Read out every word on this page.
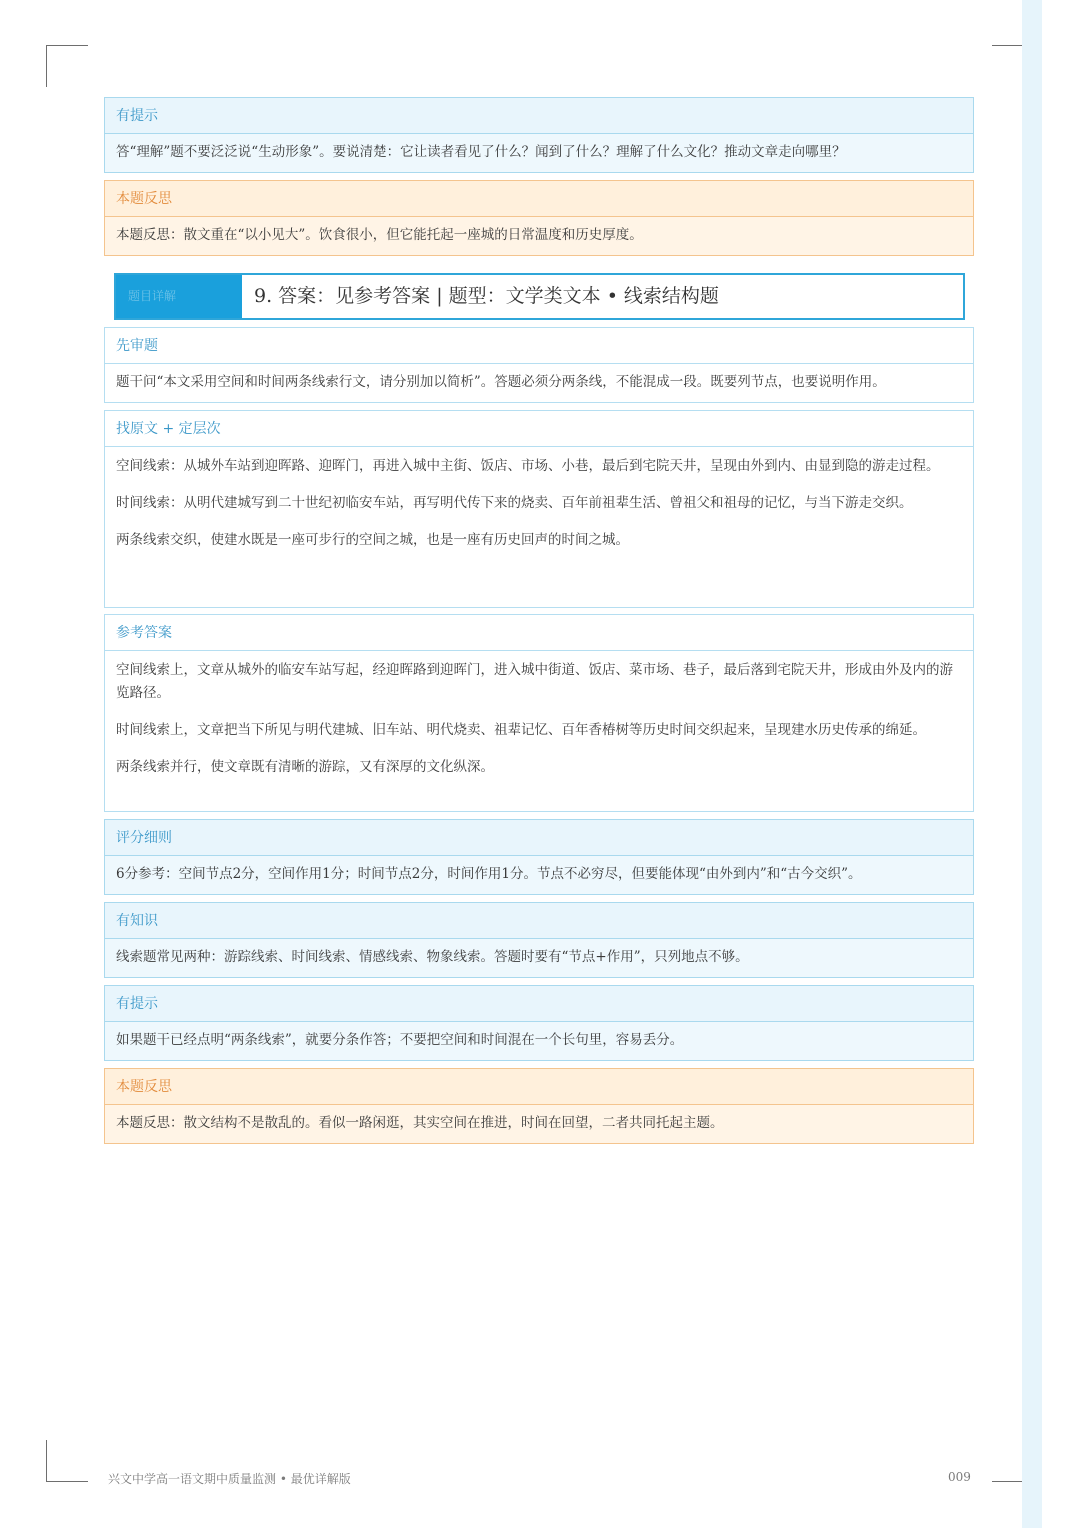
有提示
答“理解”题不要泛泛说“生动形象”。要说清楚：它让读者看见了什么？闻到了什么？理解了什么文化？推动文章走向哪里？
本题反思
本题反思：散文重在“以小见大”。饮食很小，但它能托起一座城的日常温度和历史厚度。
题目详解	9. 答案：见参考答案 | 题型：文学类文本 • 线索结构题
先审题

题干问“本文采用空间和时间两条线索行文，请分别加以简析”。答题必须分两条线，不能混成一段。既要列节点，也要说明作用。

找原文 + 定层次

空间线索：从城外车站到迎晖路、迎晖门，再进入城中主街、饭店、市场、小巷，最后到宅院天井，呈现由外到内、由显到隐的游走过程。

时间线索：从明代建城写到二十世纪初临安车站，再写明代传下来的烧卖、百年前祖辈生活、曾祖父和祖母的记忆，与当下游走交织。

两条线索交织，使建水既是一座可步行的空间之城，也是一座有历史回声的时间之城。

参考答案

空间线索上，文章从城外的临安车站写起，经迎晖路到迎晖门，进入城中街道、饭店、菜市场、巷子，最后落到宅院天井，形成由外及内的游览路径。

时间线索上，文章把当下所见与明代建城、旧车站、明代烧卖、祖辈记忆、百年香椿树等历史时间交织起来，呈现建水历史传承的绵延。

两条线索并行，使文章既有清晰的游踪，又有深厚的文化纵深。

评分细则

6分参考：空间节点2分，空间作用1分；时间节点2分，时间作用1分。节点不必穷尽，但要能体现“由外到内”和“古今交织”。

有知识

线索题常见两种：游踪线索、时间线索、情感线索、物象线索。答题时要有“节点+作用”，只列地点不够。

有提示

如果题干已经点明“两条线索”，就要分条作答；不要把空间和时间混在一个长句里，容易丢分。

本题反思

本题反思：散文结构不是散乱的。看似一路闲逛，其实空间在推进，时间在回望，二者共同托起主题。

兴文中学高一语文期中质量监测 • 最优详解版	009
